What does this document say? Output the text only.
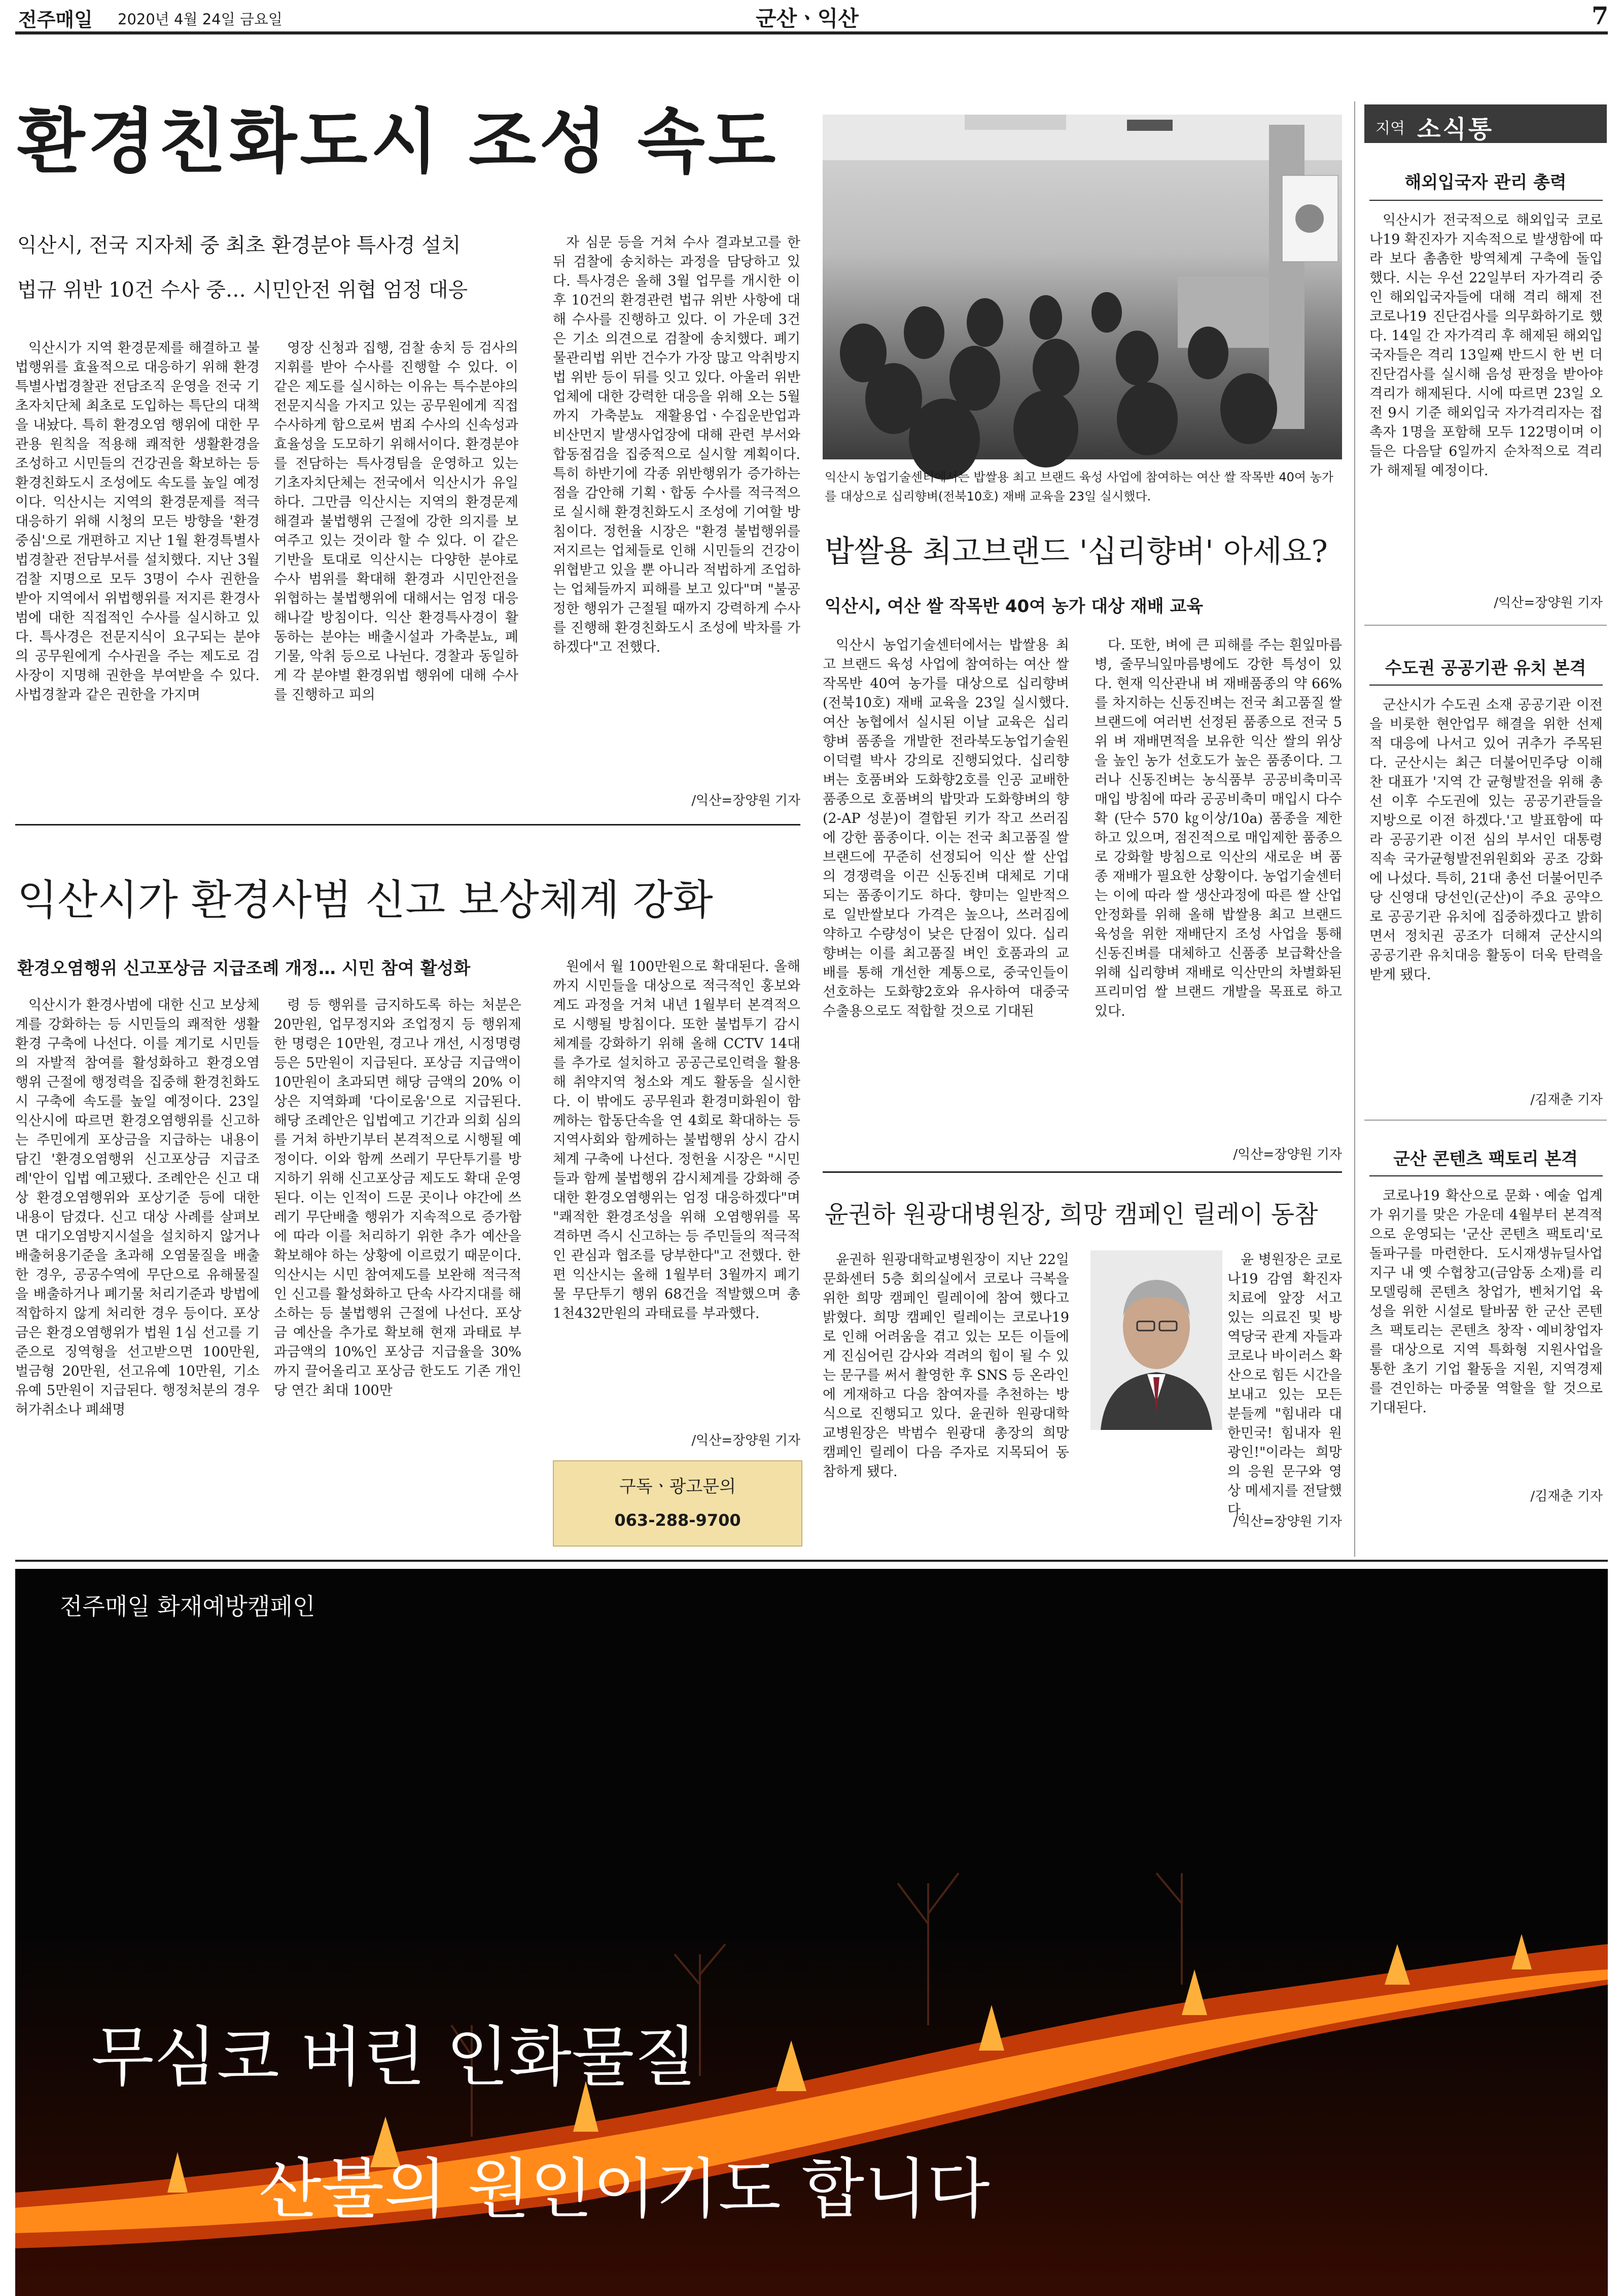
전주매일 2020년 4월 24일 금요일	군산ㆍ익산	7
환경친화도시 조성 속도
익산시, 전국 지자체 중 최초 환경분야 특사경 설치
법규 위반 10건 수사 중… 시민안전 위협 엄정 대응

익산시가 지역 환경문제를 해결하고 불법행위를 효율적으로 대응하기 위해 환경 특별사법경찰관 전담조직 운영을 전국 기초자치단체 최초로 도입하는 특단의 대책을 내놨다. 특히 환경오염 행위에 대한 무관용 원칙을 적용해 쾌적한 생활환경을 조성하고 시민들의 건강권을 확보하는 등 환경친화도시 조성에도 속도를 높일 예정이다. 익산시는 지역의 환경문제를 적극 대응하기 위해 시청의 모든 방향을 '환경중심'으로 개편하고 지난 1월 환경특별사법경찰관 전담부서를 설치했다. 지난 3월 검찰 지명으로 모두 3명이 수사 권한을 받아 지역에서 위법행위를 저지른 환경사범에 대한 직접적인 수사를 실시하고 있다. 특사경은 전문지식이 요구되는 분야의 공무원에게 수사권을 주는 제도로 검사장이 지명해 권한을 부여받을 수 있다. 사법경찰과 같은 권한을 가지며

영장 신청과 집행, 검찰 송치 등 검사의 지휘를 받아 수사를 진행할 수 있다. 이 같은 제도를 실시하는 이유는 특수분야의 전문지식을 가지고 있는 공무원에게 직접 수사하게 함으로써 범죄 수사의 신속성과 효율성을 도모하기 위해서이다. 환경분야를 전담하는 특사경팀을 운영하고 있는 기초자치단체는 전국에서 익산시가 유일하다. 그만큼 익산시는 지역의 환경문제 해결과 불법행위 근절에 강한 의지를 보여주고 있는 것이라 할 수 있다. 이 같은 기반을 토대로 익산시는 다양한 분야로 수사 범위를 확대해 환경과 시민안전을 위협하는 불법행위에 대해서는 엄정 대응해나갈 방침이다. 익산 환경특사경이 활동하는 분야는 배출시설과 가축분뇨, 폐기물, 악취 등으로 나뉜다. 경찰과 동일하게 각 분야별 환경위법 행위에 대해 수사를 진행하고 피의

자 심문 등을 거쳐 수사 결과보고를 한 뒤 검찰에 송치하는 과정을 담당하고 있다. 특사경은 올해 3월 업무를 개시한 이후 10건의 환경관련 법규 위반 사항에 대해 수사를 진행하고 있다. 이 가운데 3건은 기소 의견으로 검찰에 송치했다. 폐기물관리법 위반 건수가 가장 많고 악취방지법 위반 등이 뒤를 잇고 있다. 아울러 위반 업체에 대한 강력한 대응을 위해 오는 5월까지 가축분뇨 재활용업ㆍ수집운반업과 비산먼지 발생사업장에 대해 관련 부서와 합동점검을 집중적으로 실시할 계획이다. 특히 하반기에 각종 위반행위가 증가하는 점을 감안해 기획ㆍ합동 수사를 적극적으로 실시해 환경친화도시 조성에 기여할 방침이다. 정헌율 시장은 "환경 불법행위를 저지르는 업체들로 인해 시민들의 건강이 위협받고 있을 뿐 아니라 적법하게 조업하는 업체들까지 피해를 보고 있다"며 "불공정한 행위가 근절될 때까지 강력하게 수사를 진행해 환경친화도시 조성에 박차를 가하겠다"고 전했다.

/익산=장양원 기자
익산시 농업기술센터에서는 밥쌀용 최고 브랜드 육성 사업에 참여하는 여산 쌀 작목반 40여 농가를 대상으로 십리향벼(전북10호) 재배 교육을 23일 실시했다.
밥쌀용 최고브랜드 '십리향벼' 아세요?
익산시, 여산 쌀 작목반 40여 농가 대상 재배 교육

익산시 농업기술센터에서는 밥쌀용 최고 브랜드 육성 사업에 참여하는 여산 쌀 작목반 40여 농가를 대상으로 십리향벼(전북10호) 재배 교육을 23일 실시했다. 여산 농협에서 실시된 이날 교육은 십리향벼 품종을 개발한 전라북도농업기술원 이덕렬 박사 강의로 진행되었다. 십리향벼는 호품벼와 도화향2호를 인공 교배한 품종으로 호품벼의 밥맛과 도화향벼의 향(2-AP 성분)이 결합된 키가 작고 쓰러짐에 강한 품종이다. 이는 전국 최고품질 쌀 브랜드에 꾸준히 선정되어 익산 쌀 산업의 경쟁력을 이끈 신동진벼 대체로 기대되는 품종이기도 하다. 향미는 일반적으로 일반쌀보다 가격은 높으나, 쓰러짐에 약하고 수량성이 낮은 단점이 있다. 십리향벼는 이를 최고품질 벼인 호품과의 교배를 통해 개선한 계통으로, 중국인들이 선호하는 도화향2호와 유사하여 대중국 수출용으로도 적합할 것으로 기대된

다. 또한, 벼에 큰 피해를 주는 흰잎마름병, 줄무늬잎마름병에도 강한 특성이 있다. 현재 익산관내 벼 재배품종의 약 66%를 차지하는 신동진벼는 전국 최고품질 쌀 브랜드에 여러번 선정된 품종으로 전국 5위 벼 재배면적을 보유한 익산 쌀의 위상을 높인 농가 선호도가 높은 품종이다. 그러나 신동진벼는 농식품부 공공비축미곡 매입 방침에 따라 공공비축미 매입시 다수확 (단수 570 ㎏이상/10a) 품종을 제한하고 있으며, 점진적으로 매입제한 품종으로 강화할 방침으로 익산의 새로운 벼 품종 재배가 필요한 상황이다. 농업기술센터는 이에 따라 쌀 생산과정에 따른 쌀 산업 안정화를 위해 올해 밥쌀용 최고 브랜드 육성을 위한 재배단지 조성 사업을 통해 신동진벼를 대체하고 신품종 보급확산을 위해 십리향벼 재배로 익산만의 차별화된 프리미엄 쌀 브랜드 개발을 목표로 하고 있다.

/익산=장양원 기자
익산시가 환경사범 신고 보상체계 강화
환경오염행위 신고포상금 지급조례 개정… 시민 참여 활성화

익산시가 환경사범에 대한 신고 보상체계를 강화하는 등 시민들의 쾌적한 생활환경 구축에 나선다. 이를 계기로 시민들의 자발적 참여를 활성화하고 환경오염 행위 근절에 행정력을 집중해 환경친화도시 구축에 속도를 높일 예정이다. 23일 익산시에 따르면 환경오염행위를 신고하는 주민에게 포상금을 지급하는 내용이 담긴 '환경오염행위 신고포상금 지급조례'안이 입법 예고됐다. 조례안은 신고 대상 환경오염행위와 포상기준 등에 대한 내용이 담겼다. 신고 대상 사례를 살펴보면 대기오염방지시설을 설치하지 않거나 배출허용기준을 초과해 오염물질을 배출한 경우, 공공수역에 무단으로 유해물질을 배출하거나 폐기물 처리기준과 방법에 적합하지 않게 처리한 경우 등이다. 포상금은 환경오염행위가 법원 1심 선고를 기준으로 징역형을 선고받으면 100만원, 벌금형 20만원, 선고유예 10만원, 기소유예 5만원이 지급된다. 행정처분의 경우 허가취소나 폐쇄명

령 등 행위를 금지하도록 하는 처분은 20만원, 업무정지와 조업정지 등 행위제한 명령은 10만원, 경고나 개선, 시정명령 등은 5만원이 지급된다. 포상금 지급액이 10만원이 초과되면 해당 금액의 20% 이상은 지역화폐 '다이로움'으로 지급된다. 해당 조례안은 입법예고 기간과 의회 심의를 거쳐 하반기부터 본격적으로 시행될 예정이다. 이와 함께 쓰레기 무단투기를 방지하기 위해 신고포상금 제도도 확대 운영된다. 이는 인적이 드문 곳이나 야간에 쓰레기 무단배출 행위가 지속적으로 증가함에 따라 이를 처리하기 위한 추가 예산을 확보해야 하는 상황에 이르렀기 때문이다. 익산시는 시민 참여제도를 보완해 적극적인 신고를 활성화하고 단속 사각지대를 해소하는 등 불법행위 근절에 나선다. 포상금 예산을 추가로 확보해 현재 과태료 부과금액의 10%인 포상금 지급율을 30%까지 끌어올리고 포상금 한도도 기존 개인 당 연간 최대 100만

원에서 월 100만원으로 확대된다. 올해까지 시민들을 대상으로 적극적인 홍보와 계도 과정을 거쳐 내년 1월부터 본격적으로 시행될 방침이다. 또한 불법투기 감시체계를 강화하기 위해 올해 CCTV 14대를 추가로 설치하고 공공근로인력을 활용해 취약지역 청소와 계도 활동을 실시한다. 이 밖에도 공무원과 환경미화원이 함께하는 합동단속을 연 4회로 확대하는 등 지역사회와 함께하는 불법행위 상시 감시체계 구축에 나선다. 정헌율 시장은 "시민들과 함께 불법행위 감시체계를 강화해 증대한 환경오염행위는 엄정 대응하겠다"며 "쾌적한 환경조성을 위해 오염행위를 목격하면 즉시 신고하는 등 주민들의 적극적인 관심과 협조를 당부한다"고 전했다. 한편 익산시는 올해 1월부터 3월까지 폐기물 무단투기 행위 68건을 적발했으며 총 1천432만원의 과태료를 부과했다.

/익산=장양원 기자
구독ㆍ광고문의
063-288-9700
윤권하 원광대병원장, 희망 캠페인 릴레이 동참

윤권하 원광대학교병원장이 지난 22일 문화센터 5층 회의실에서 코로나 극복을 위한 희망 캠페인 릴레이에 참여 했다고 밝혔다. 희망 캠페인 릴레이는 코로나19로 인해 어려움을 겪고 있는 모든 이들에게 진심어린 감사와 격려의 힘이 될 수 있는 문구를 써서 촬영한 후 SNS 등 온라인에 게재하고 다음 참여자를 추천하는 방식으로 진행되고 있다. 윤권하 원광대학교병원장은 박범수 원광대 총장의 희망 캠페인 릴레이 다음 주자로 지목되어 동참하게 됐다.

윤 병원장은 코로나19 감염 확진자 치료에 앞장 서고 있는 의료진 및 방역당국 관계 자들과 코로나 바이러스 확산으로 힘든 시간을 보내고 있는 모든 분들께 "힘내라 대한민국! 힘내자 원광인!"이라는 희망의 응원 문구와 영상 메세지를 전달했다.

/익산=장양원 기자
지역 소식통
해외입국자 관리 총력

익산시가 전국적으로 해외입국 코로나19 확진자가 지속적으로 발생함에 따라 보다 촘촘한 방역체계 구축에 돌입했다. 시는 우선 22일부터 자가격리 중인 해외입국자들에 대해 격리 해제 전 코로나19 진단검사를 의무화하기로 했다. 14일 간 자가격리 후 해제된 해외입국자들은 격리 13일째 반드시 한 번 더 진단검사를 실시해 음성 판정을 받아야 격리가 해제된다. 시에 따르면 23일 오전 9시 기준 해외입국 자가격리자는 접촉자 1명을 포함해 모두 122명이며 이들은 다음달 6일까지 순차적으로 격리가 해제될 예정이다.

/익산=장양원 기자
수도권 공공기관 유치 본격

군산시가 수도권 소재 공공기관 이전을 비롯한 현안업무 해결을 위한 선제적 대응에 나서고 있어 귀추가 주목된다. 군산시는 최근 더불어민주당 이해찬 대표가 '지역 간 균형발전을 위해 총선 이후 수도권에 있는 공공기관들을 지방으로 이전 하겠다.'고 발표함에 따라 공공기관 이전 심의 부서인 대통령직속 국가균형발전위원회와 공조 강화에 나섰다. 특히, 21대 총선 더불어민주당 신영대 당선인(군산)이 주요 공약으로 공공기관 유치에 집중하겠다고 밝히면서 정치권 공조가 더해져 군산시의 공공기관 유치대응 활동이 더욱 탄력을 받게 됐다.

/김재춘 기자
군산 콘텐츠 팩토리 본격

코로나19 확산으로 문화ㆍ예술 업계가 위기를 맞은 가운데 4월부터 본격적으로 운영되는 '군산 콘텐츠 팩토리'로 돌파구를 마련한다. 도시재생뉴딜사업 지구 내 옛 수협창고(금암동 소재)를 리모델링해 콘텐츠 창업가, 벤처기업 육성을 위한 시설로 탈바꿈 한 군산 콘텐츠 팩토리는 콘텐츠 창작ㆍ예비창업자를 대상으로 지역 특화형 지원사업을 통한 초기 기업 활동을 지원, 지역경제를 견인하는 마중물 역할을 할 것으로 기대된다.

/김재춘 기자
전주매일 화재예방캠페인
무심코 버린 인화물질
산불의 원인이기도 합니다
